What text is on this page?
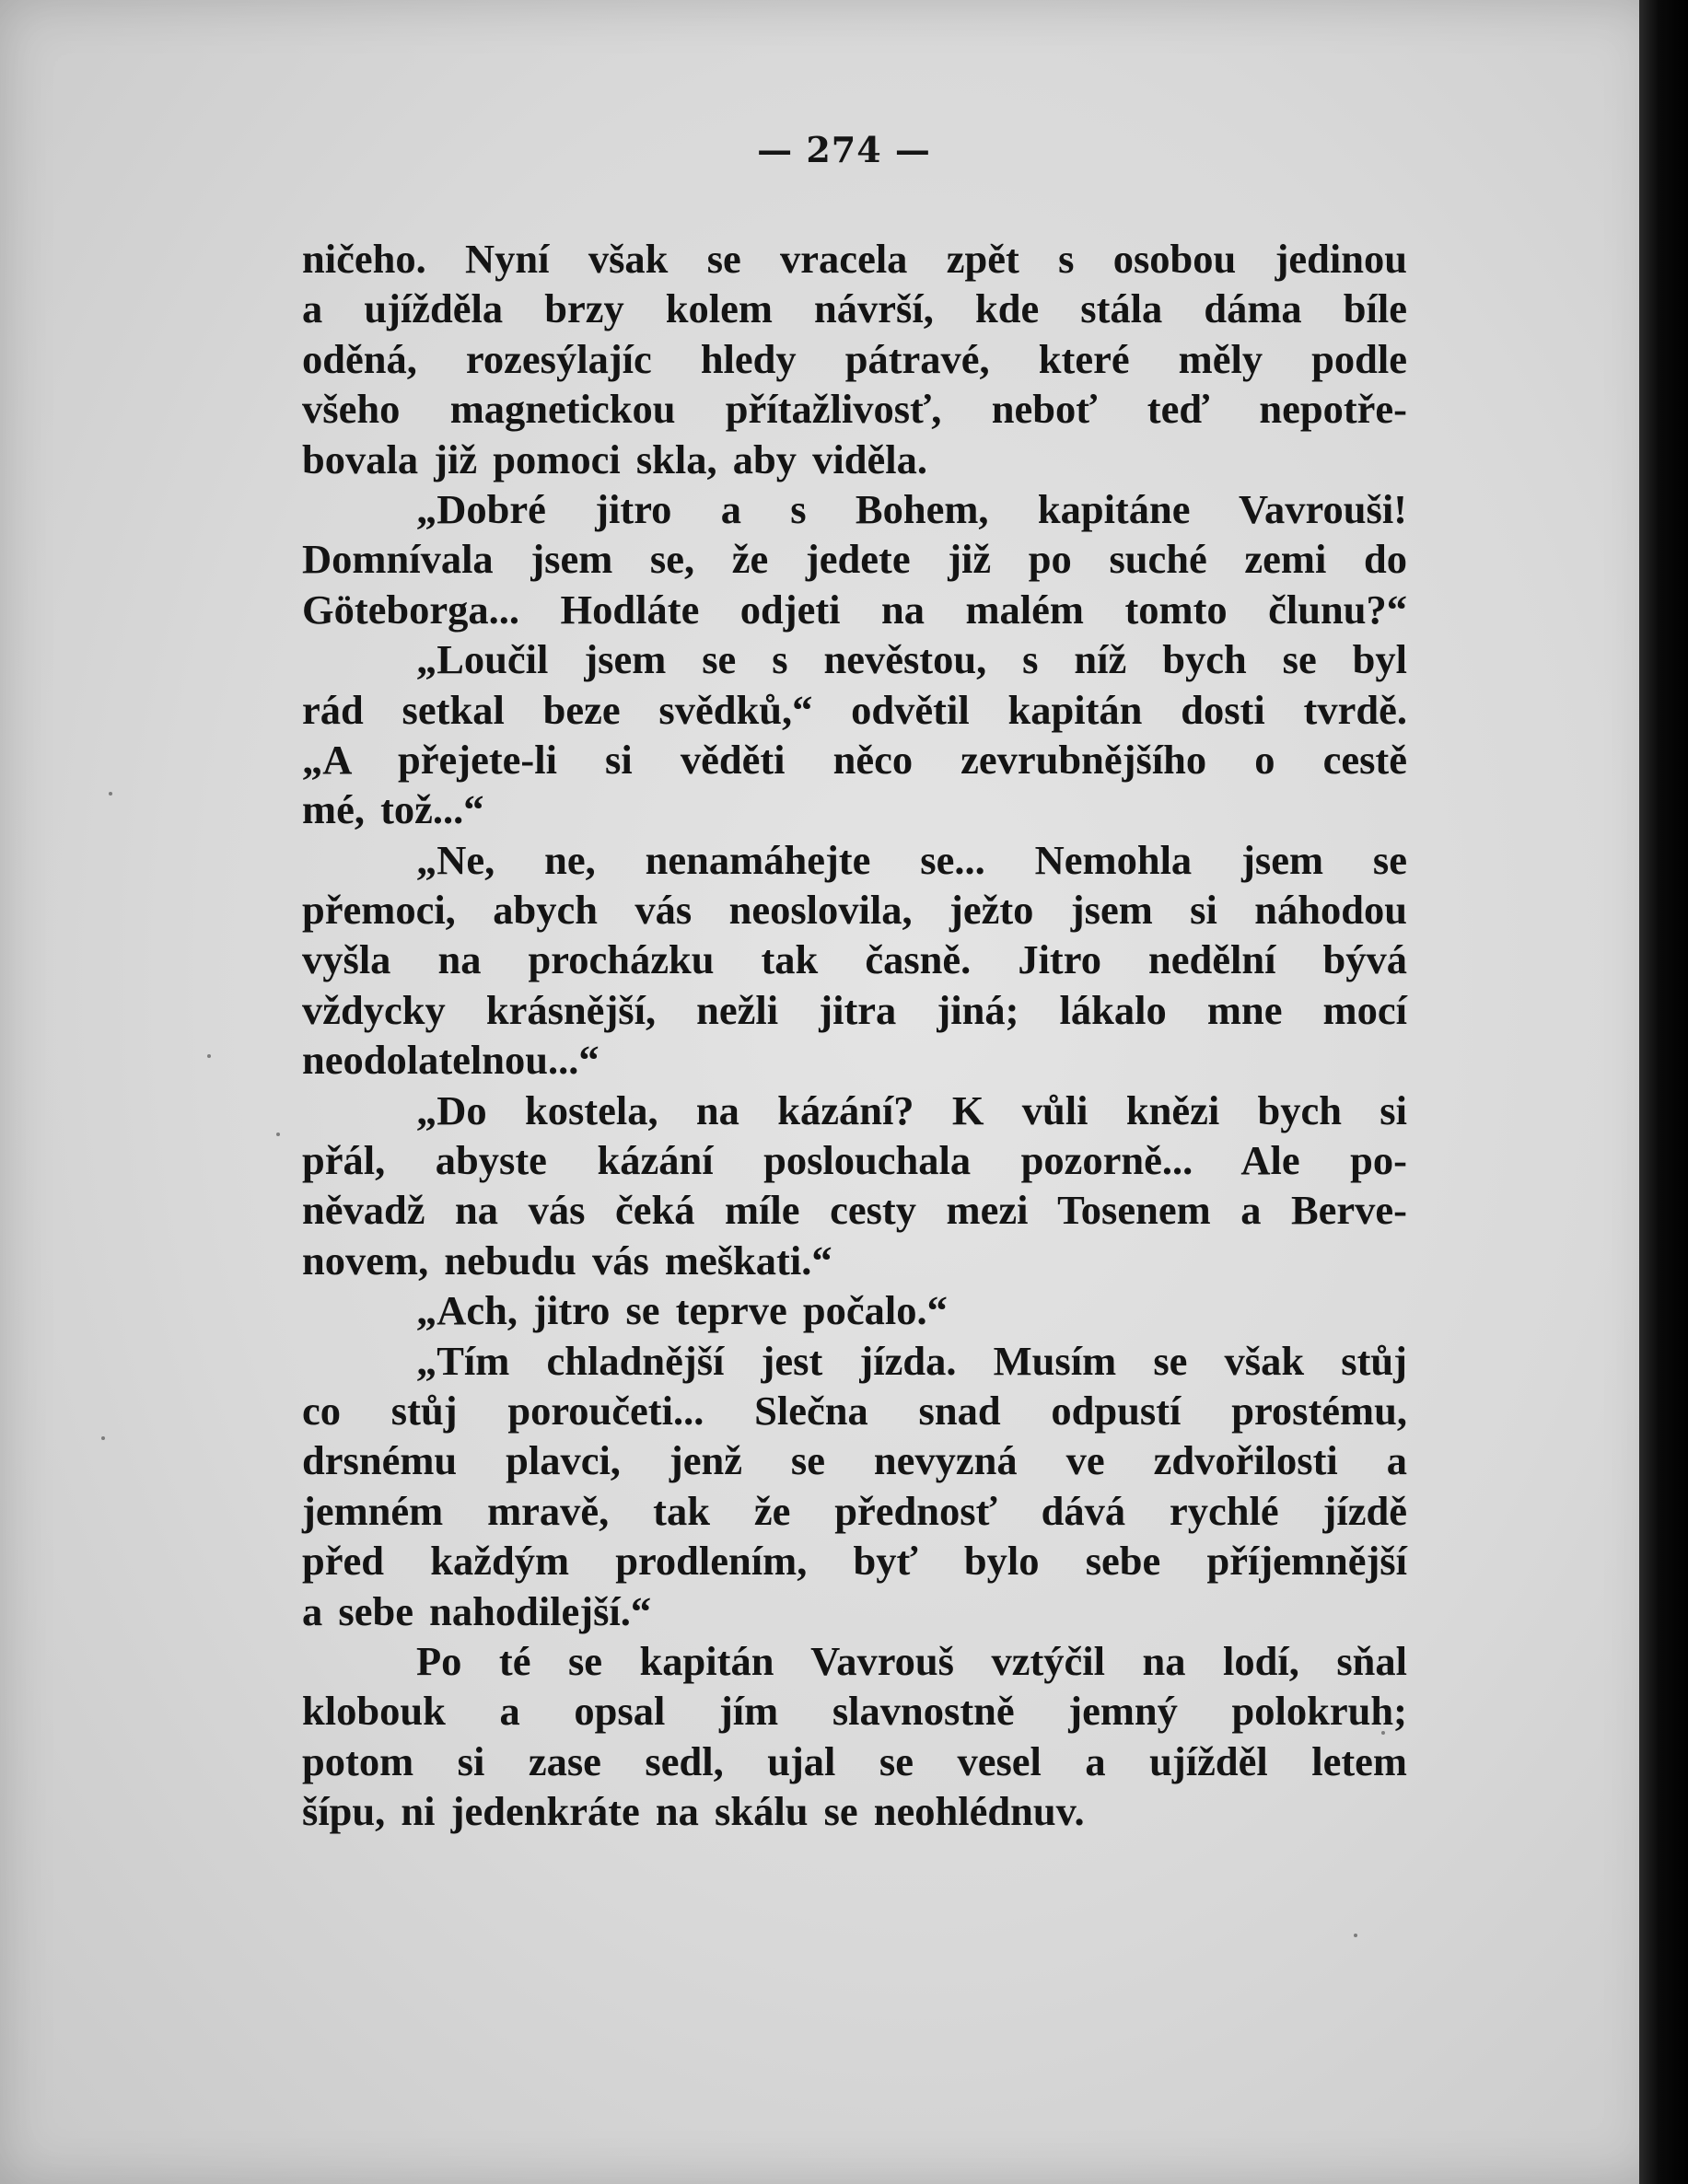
— 274 —
ničeho. Nyní však se vracela zpět s osobou jedinou
a ujížděla brzy kolem návrší, kde stála dáma bíle
oděná, rozesýlajíc hledy pátravé, které měly podle
všeho magnetickou přítažlivosť, neboť teď nepotře-
bovala již pomoci skla, aby viděla.
„Dobré jitro a s Bohem, kapitáne Vavrouši!
Domnívala jsem se, že jedete již po suché zemi do
Göteborga... Hodláte odjeti na malém tomto člunu?“
„Loučil jsem se s nevěstou, s níž bych se byl
rád setkal beze svědků,“ odvětil kapitán dosti tvrdě.
„A přejete-li si věděti něco zevrubnějšího o cestě
mé, tož...“
„Ne, ne, nenamáhejte se... Nemohla jsem se
přemoci, abych vás neoslovila, ježto jsem si náhodou
vyšla na procházku tak časně. Jitro nedělní bývá
vždycky krásnější, nežli jitra jiná; lákalo mne mocí
neodolatelnou...“
„Do kostela, na kázání? K vůli knězi bych si
přál, abyste kázání poslouchala pozorně... Ale po-
něvadž na vás čeká míle cesty mezi Tosenem a Berve-
novem, nebudu vás meškati.“
„Ach, jitro se teprve počalo.“
„Tím chladnější jest jízda. Musím se však stůj
co stůj poroučeti... Slečna snad odpustí prostému,
drsnému plavci, jenž se nevyzná ve zdvořilosti a
jemném mravě, tak že přednosť dává rychlé jízdě
před každým prodlením, byť bylo sebe příjemnější
a sebe nahodilejší.“
Po té se kapitán Vavrouš vztýčil na lodí, sňal
klobouk a opsal jím slavnostně jemný polokruh;
potom si zase sedl, ujal se vesel a ujížděl letem
šípu, ni jedenkráte na skálu se neohlédnuv.
